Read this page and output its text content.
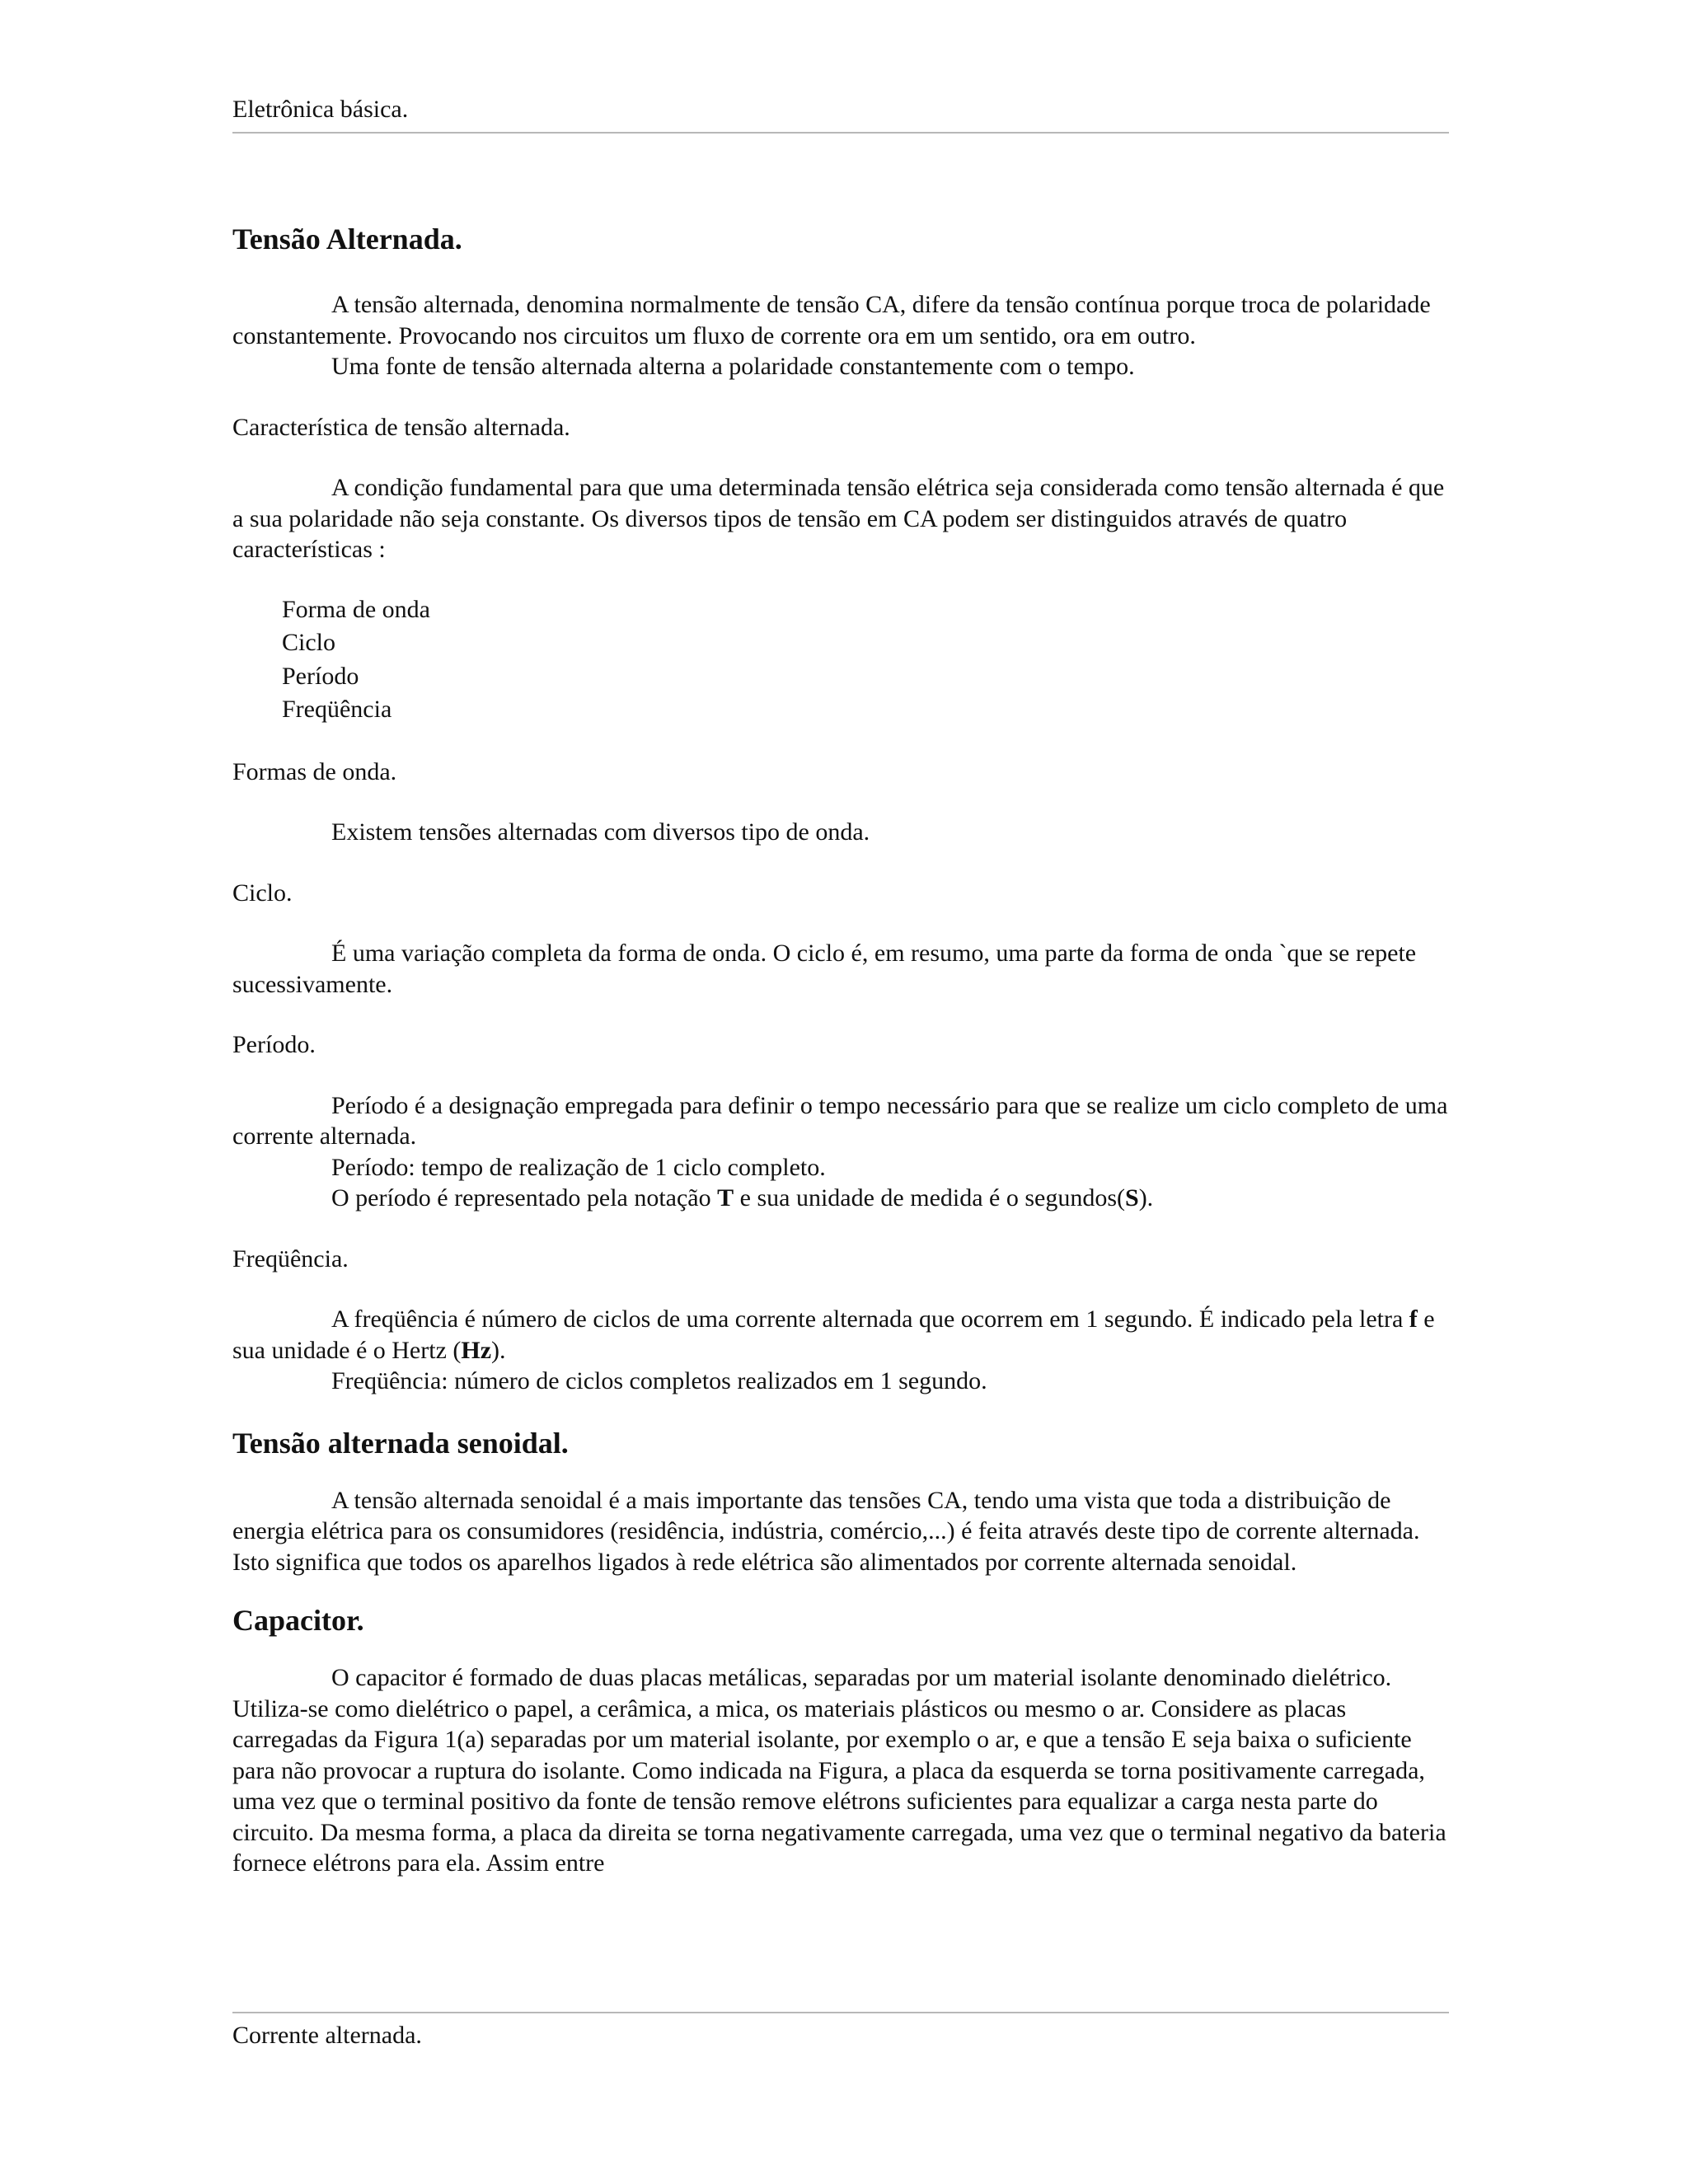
Eletrônica básica.
Tensão Alternada.

A tensão alternada, denomina normalmente de tensão CA, difere da tensão contínua porque troca de polaridade constantemente. Provocando nos circuitos um fluxo de corrente ora em um sentido, ora em outro.

Uma fonte de tensão alternada alterna a polaridade constantemente com o tempo.

Característica de tensão alternada.

A condição fundamental para que uma determinada tensão elétrica seja considerada como tensão alternada é que a sua polaridade não seja constante. Os diversos tipos de tensão em CA podem ser distinguidos através de quatro características :

Forma de onda
Ciclo
Período
Freqüência

Formas de onda.

Existem tensões alternadas com diversos tipo de onda.

Ciclo.

É uma variação completa da forma de onda. O ciclo é, em resumo, uma parte da forma de onda `que se repete sucessivamente.

Período.

Período é a designação empregada para definir o tempo necessário para que se realize um ciclo completo de uma corrente alternada.

Período: tempo de realização de 1 ciclo completo.

O período é representado pela notação T e sua unidade de medida é o segundos(S).

Freqüência.

A freqüência é número de ciclos de uma corrente alternada que ocorrem em 1 segundo. É indicado pela letra f e sua unidade é o Hertz (Hz).

Freqüência: número de ciclos completos realizados em 1 segundo.

Tensão alternada senoidal.

A tensão alternada senoidal é a mais importante das tensões CA, tendo uma vista que toda a distribuição de energia elétrica para os consumidores (residência, indústria, comércio,...) é feita através deste tipo de corrente alternada. Isto significa que todos os aparelhos ligados à rede elétrica são alimentados por corrente alternada senoidal.

Capacitor.

O capacitor é formado de duas placas metálicas, separadas por um material isolante denominado dielétrico. Utiliza-se como dielétrico o papel, a cerâmica, a mica, os materiais plásticos ou mesmo o ar. Considere as placas carregadas da Figura 1(a) separadas por um material isolante, por exemplo o ar, e que a tensão E seja baixa o suficiente para não provocar a ruptura do isolante. Como indicada na Figura, a placa da esquerda se torna positivamente carregada, uma vez que o terminal positivo da fonte de tensão remove elétrons suficientes para equalizar a carga nesta parte do circuito. Da mesma forma, a placa da direita se torna negativamente carregada, uma vez que o terminal negativo da bateria fornece elétrons para ela. Assim entre

Corrente alternada.
